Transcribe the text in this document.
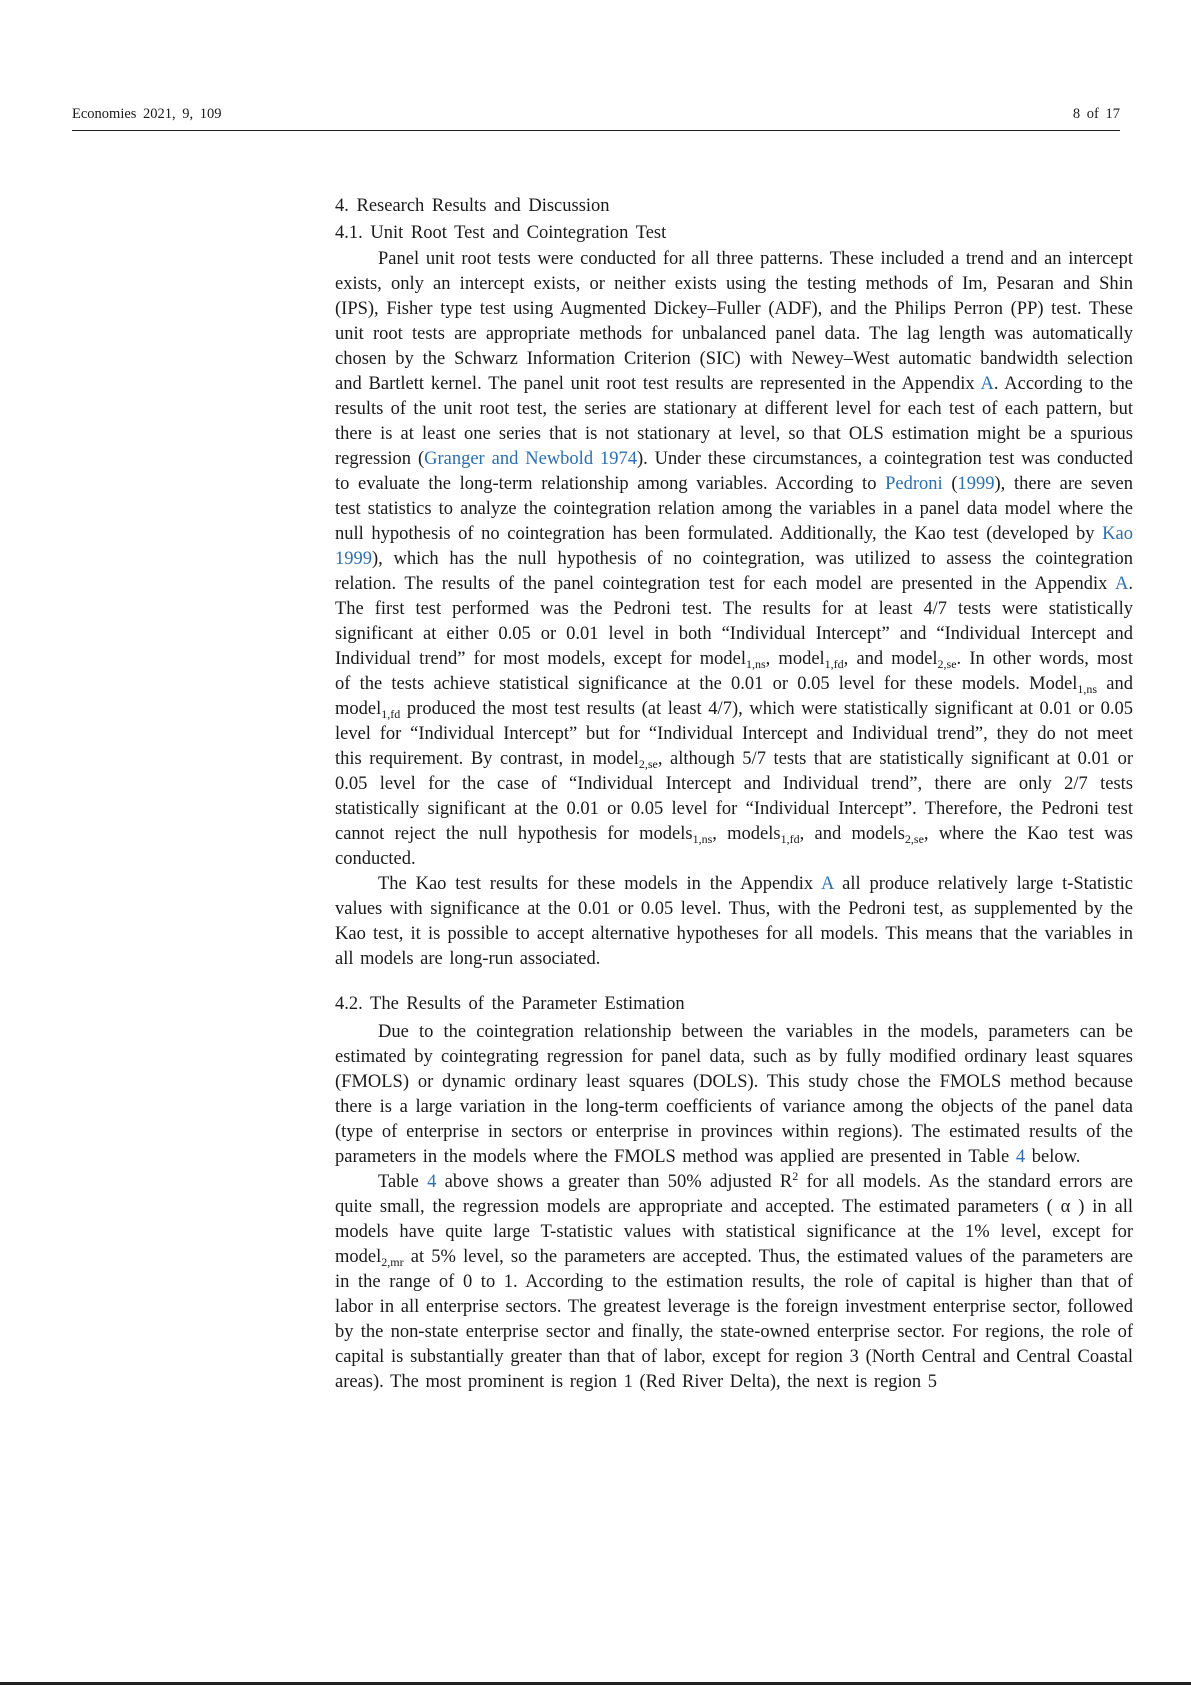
Economies 2021, 9, 109	8 of 17
4. Research Results and Discussion
4.1. Unit Root Test and Cointegration Test

Panel unit root tests were conducted for all three patterns. These included a trend and an intercept exists, only an intercept exists, or neither exists using the testing methods of Im, Pesaran and Shin (IPS), Fisher type test using Augmented Dickey–Fuller (ADF), and the Philips Perron (PP) test. These unit root tests are appropriate methods for unbalanced panel data. The lag length was automatically chosen by the Schwarz Information Criterion (SIC) with Newey–West automatic bandwidth selection and Bartlett kernel. The panel unit root test results are represented in the Appendix A. According to the results of the unit root test, the series are stationary at different level for each test of each pattern, but there is at least one series that is not stationary at level, so that OLS estimation might be a spurious regression (Granger and Newbold 1974). Under these circumstances, a cointegration test was conducted to evaluate the long-term relationship among variables. According to Pedroni (1999), there are seven test statistics to analyze the cointegration relation among the variables in a panel data model where the null hypothesis of no cointegration has been formulated. Additionally, the Kao test (developed by Kao 1999), which has the null hypothesis of no cointegration, was utilized to assess the cointegration relation. The results of the panel cointegration test for each model are presented in the Appendix A. The first test performed was the Pedroni test. The results for at least 4/7 tests were statistically significant at either 0.05 or 0.01 level in both “Individual Intercept” and “Individual Intercept and Individual trend” for most models, except for model$_{1,ns}$, model$_{1,fd}$, and model$_{2,se}$. In other words, most of the tests achieve statistical significance at the 0.01 or 0.05 level for these models. Model$_{1,ns}$ and model$_{1,fd}$ produced the most test results (at least 4/7), which were statistically significant at 0.01 or 0.05 level for “Individual Intercept” but for “Individual Intercept and Individual trend”, they do not meet this requirement. By contrast, in model$_{2,se}$, although 5/7 tests that are statistically significant at 0.01 or 0.05 level for the case of “Individual Intercept and Individual trend”, there are only 2/7 tests statistically significant at the 0.01 or 0.05 level for “Individual Intercept”. Therefore, the Pedroni test cannot reject the null hypothesis for models$_{1,ns}$, models$_{1,fd}$, and models$_{2,se}$, where the Kao test was conducted.

The Kao test results for these models in the Appendix A all produce relatively large t-Statistic values with significance at the 0.01 or 0.05 level. Thus, with the Pedroni test, as supplemented by the Kao test, it is possible to accept alternative hypotheses for all models. This means that the variables in all models are long-run associated.

4.2. The Results of the Parameter Estimation

Due to the cointegration relationship between the variables in the models, parameters can be estimated by cointegrating regression for panel data, such as by fully modified ordinary least squares (FMOLS) or dynamic ordinary least squares (DOLS). This study chose the FMOLS method because there is a large variation in the long-term coefficients of variance among the objects of the panel data (type of enterprise in sectors or enterprise in provinces within regions). The estimated results of the parameters in the models where the FMOLS method was applied are presented in Table 4 below.

Table 4 above shows a greater than 50% adjusted $R^2$ for all models. As the standard errors are quite small, the regression models are appropriate and accepted. The estimated parameters ( α ) in all models have quite large T-statistic values with statistical significance at the 1% level, except for model$_{2,mr}$ at 5% level, so the parameters are accepted. Thus, the estimated values of the parameters are in the range of 0 to 1. According to the estimation results, the role of capital is higher than that of labor in all enterprise sectors. The greatest leverage is the foreign investment enterprise sector, followed by the non-state enterprise sector and finally, the state-owned enterprise sector. For regions, the role of capital is substantially greater than that of labor, except for region 3 (North Central and Central Coastal areas). The most prominent is region 1 (Red River Delta), the next is region 5
